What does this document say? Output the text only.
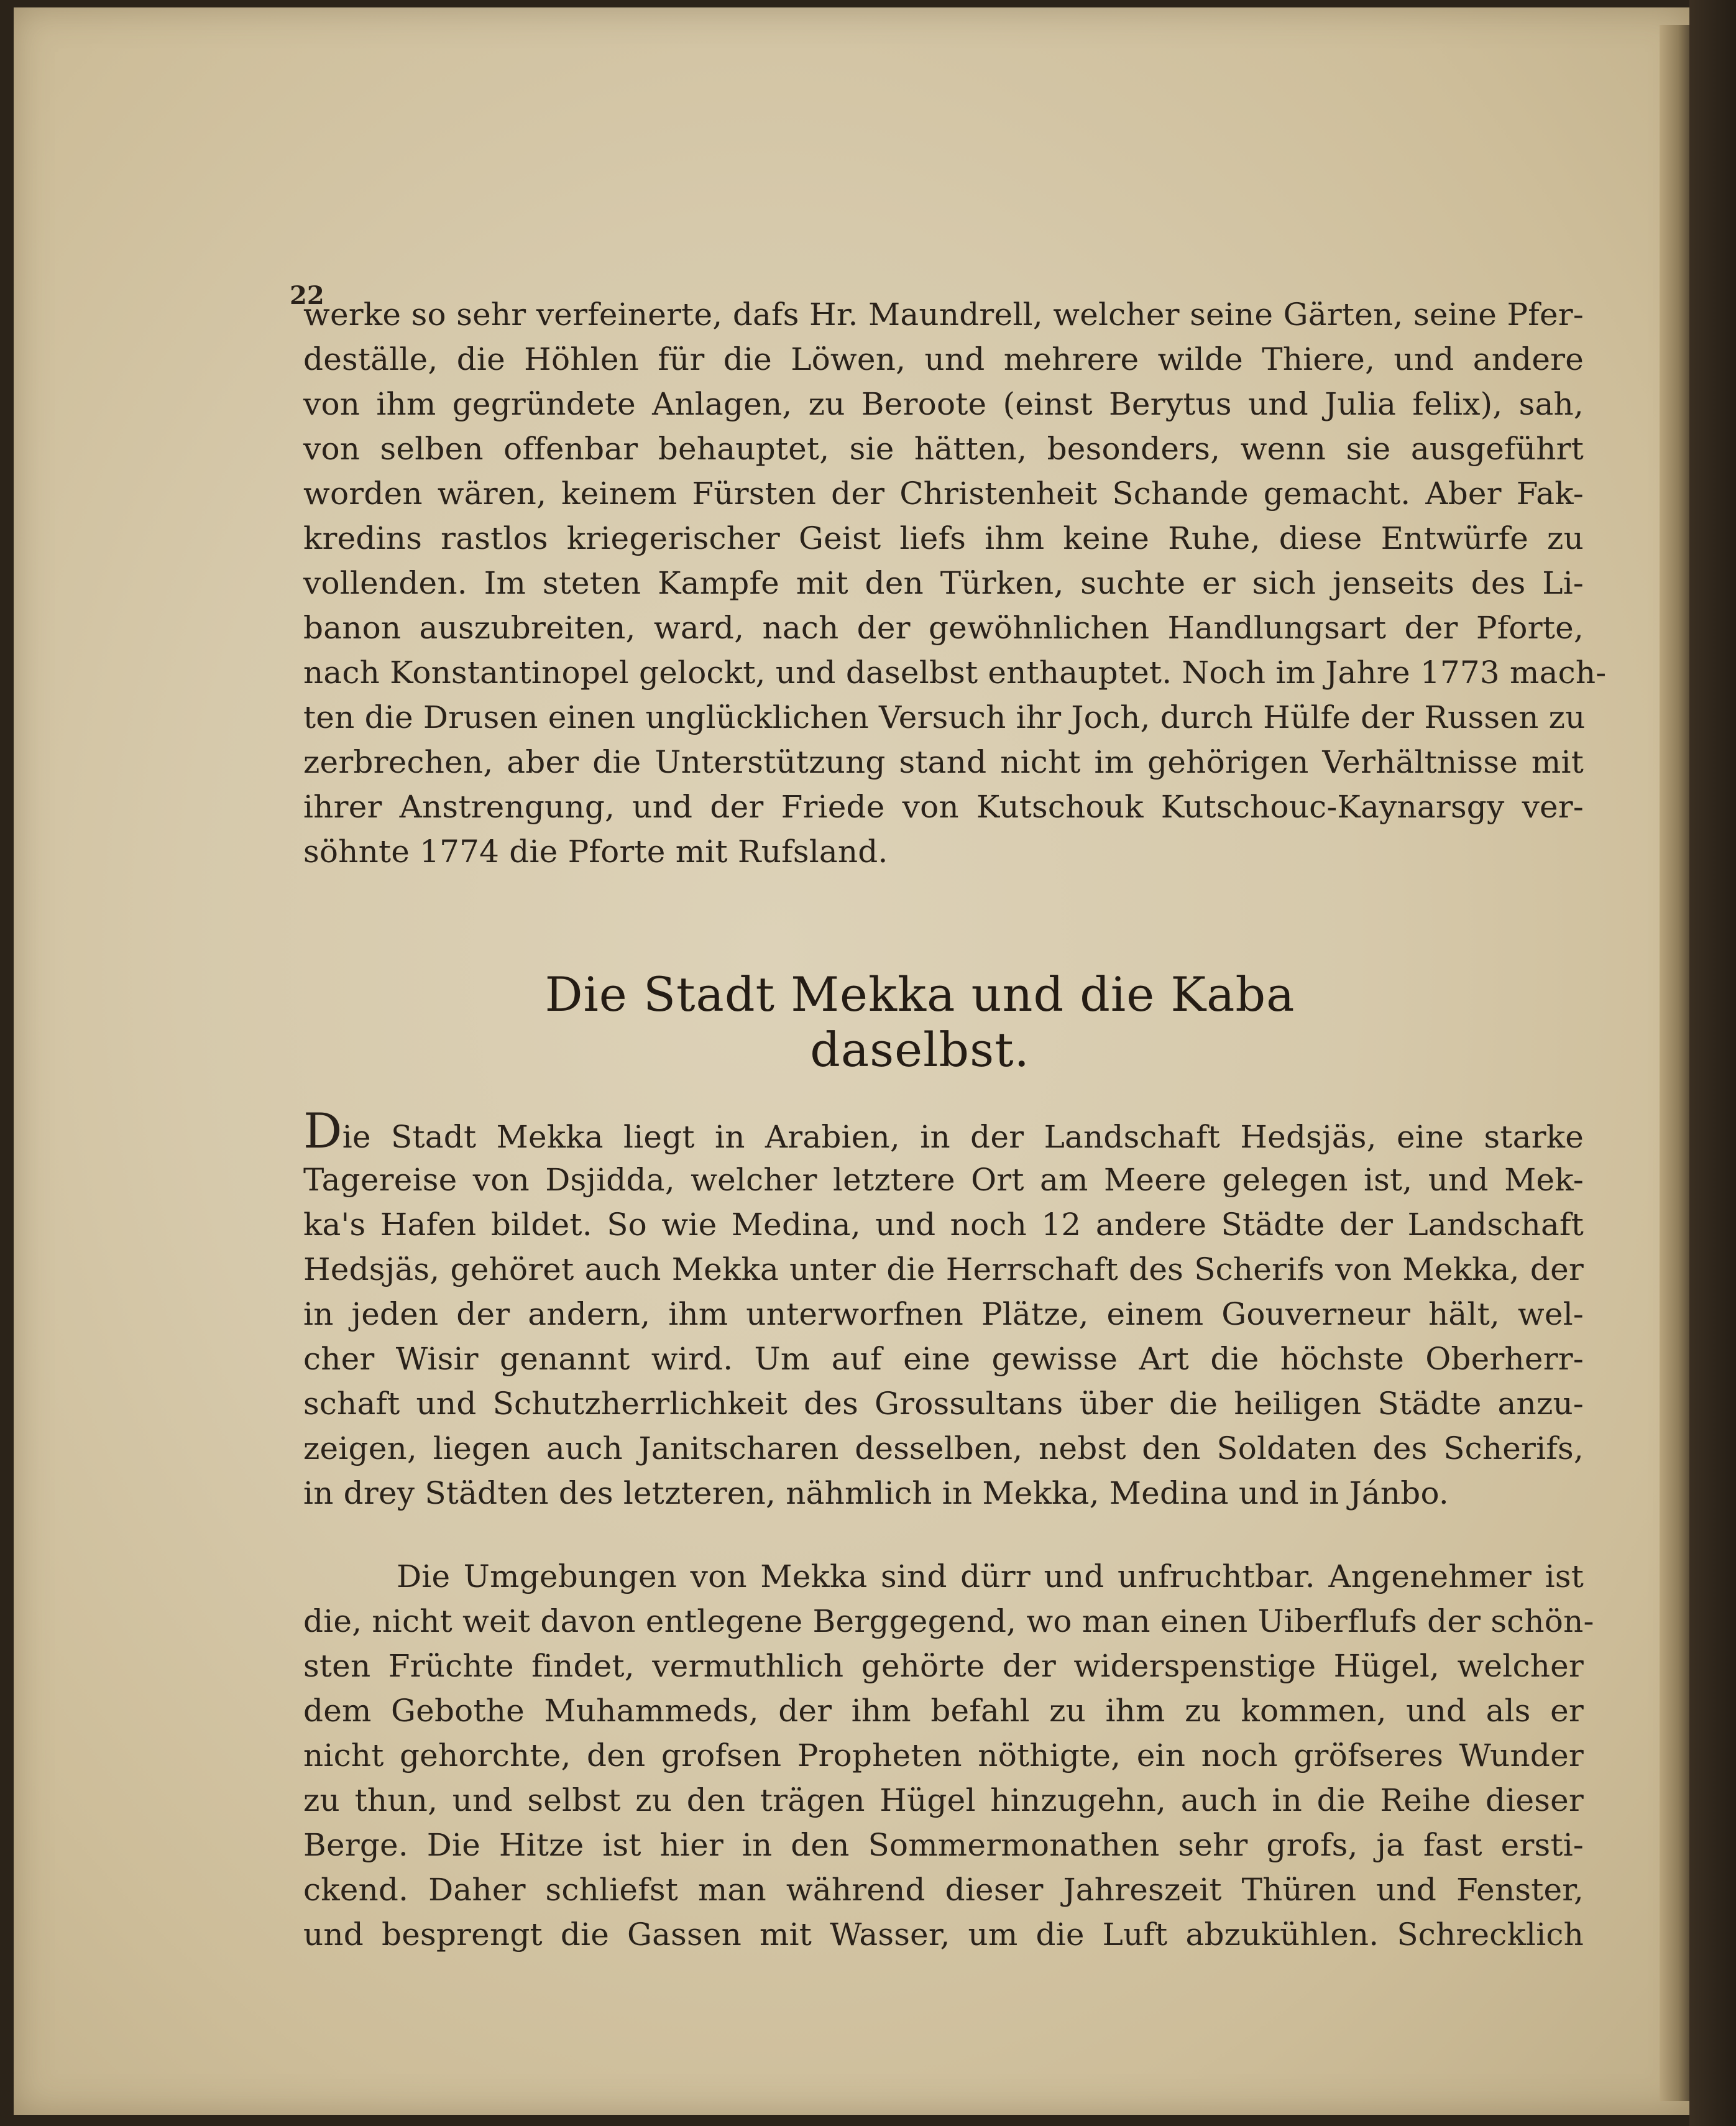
22
werke so sehr verfeinerte, dafs Hr. Maundrell, welcher seine Gärten, seine Pfer-
deställe, die Höhlen für die Löwen, und mehrere wilde Thiere, und andere
von ihm gegründete Anlagen, zu Beroote (einst Berytus und Julia felix), sah,
von selben offenbar behauptet, sie hätten, besonders, wenn sie ausgeführt
worden wären, keinem Fürsten der Christenheit Schande gemacht. Aber Fak-
kredins rastlos kriegerischer Geist liefs ihm keine Ruhe, diese Entwürfe zu
vollenden. Im steten Kampfe mit den Türken, suchte er sich jenseits des Li-
banon auszubreiten, ward, nach der gewöhnlichen Handlungsart der Pforte,
nach Konstantinopel gelockt, und daselbst enthauptet. Noch im Jahre 1773 mach-
ten die Drusen einen unglücklichen Versuch ihr Joch, durch Hülfe der Russen zu
zerbrechen, aber die Unterstützung stand nicht im gehörigen Verhältnisse mit
ihrer Anstrengung, und der Friede von Kutschouk Kutschouc-Kaynarsgy ver-
söhnte 1774 die Pforte mit Rufsland.
Die Stadt Mekka und die Kaba daselbst.
Die Stadt Mekka liegt in Arabien, in der Landschaft Hedsjäs, eine starke
Tagereise von Dsjidda, welcher letztere Ort am Meere gelegen ist, und Mek-
ka's Hafen bildet. So wie Medina, und noch 12 andere Städte der Landschaft
Hedsjäs, gehöret auch Mekka unter die Herrschaft des Scherifs von Mekka, der
in jeden der andern, ihm unterworfnen Plätze, einem Gouverneur hält, wel-
cher Wisir genannt wird. Um auf eine gewisse Art die höchste Oberherr-
schaft und Schutzherrlichkeit des Grossultans über die heiligen Städte anzu-
zeigen, liegen auch Janitscharen desselben, nebst den Soldaten des Scherifs,
in drey Städten des letzteren, nähmlich in Mekka, Medina und in Jánbo.
Die Umgebungen von Mekka sind dürr und unfruchtbar. Angenehmer ist
die, nicht weit davon entlegene Berggegend, wo man einen Uiberflufs der schön-
sten Früchte findet, vermuthlich gehörte der widerspenstige Hügel, welcher
dem Gebothe Muhammeds, der ihm befahl zu ihm zu kommen, und als er
nicht gehorchte, den grofsen Propheten nöthigte, ein noch gröfseres Wunder
zu thun, und selbst zu den trägen Hügel hinzugehn, auch in die Reihe dieser
Berge. Die Hitze ist hier in den Sommermonathen sehr grofs, ja fast ersti-
ckend. Daher schliefst man während dieser Jahreszeit Thüren und Fenster,
und besprengt die Gassen mit Wasser, um die Luft abzukühlen. Schrecklich
